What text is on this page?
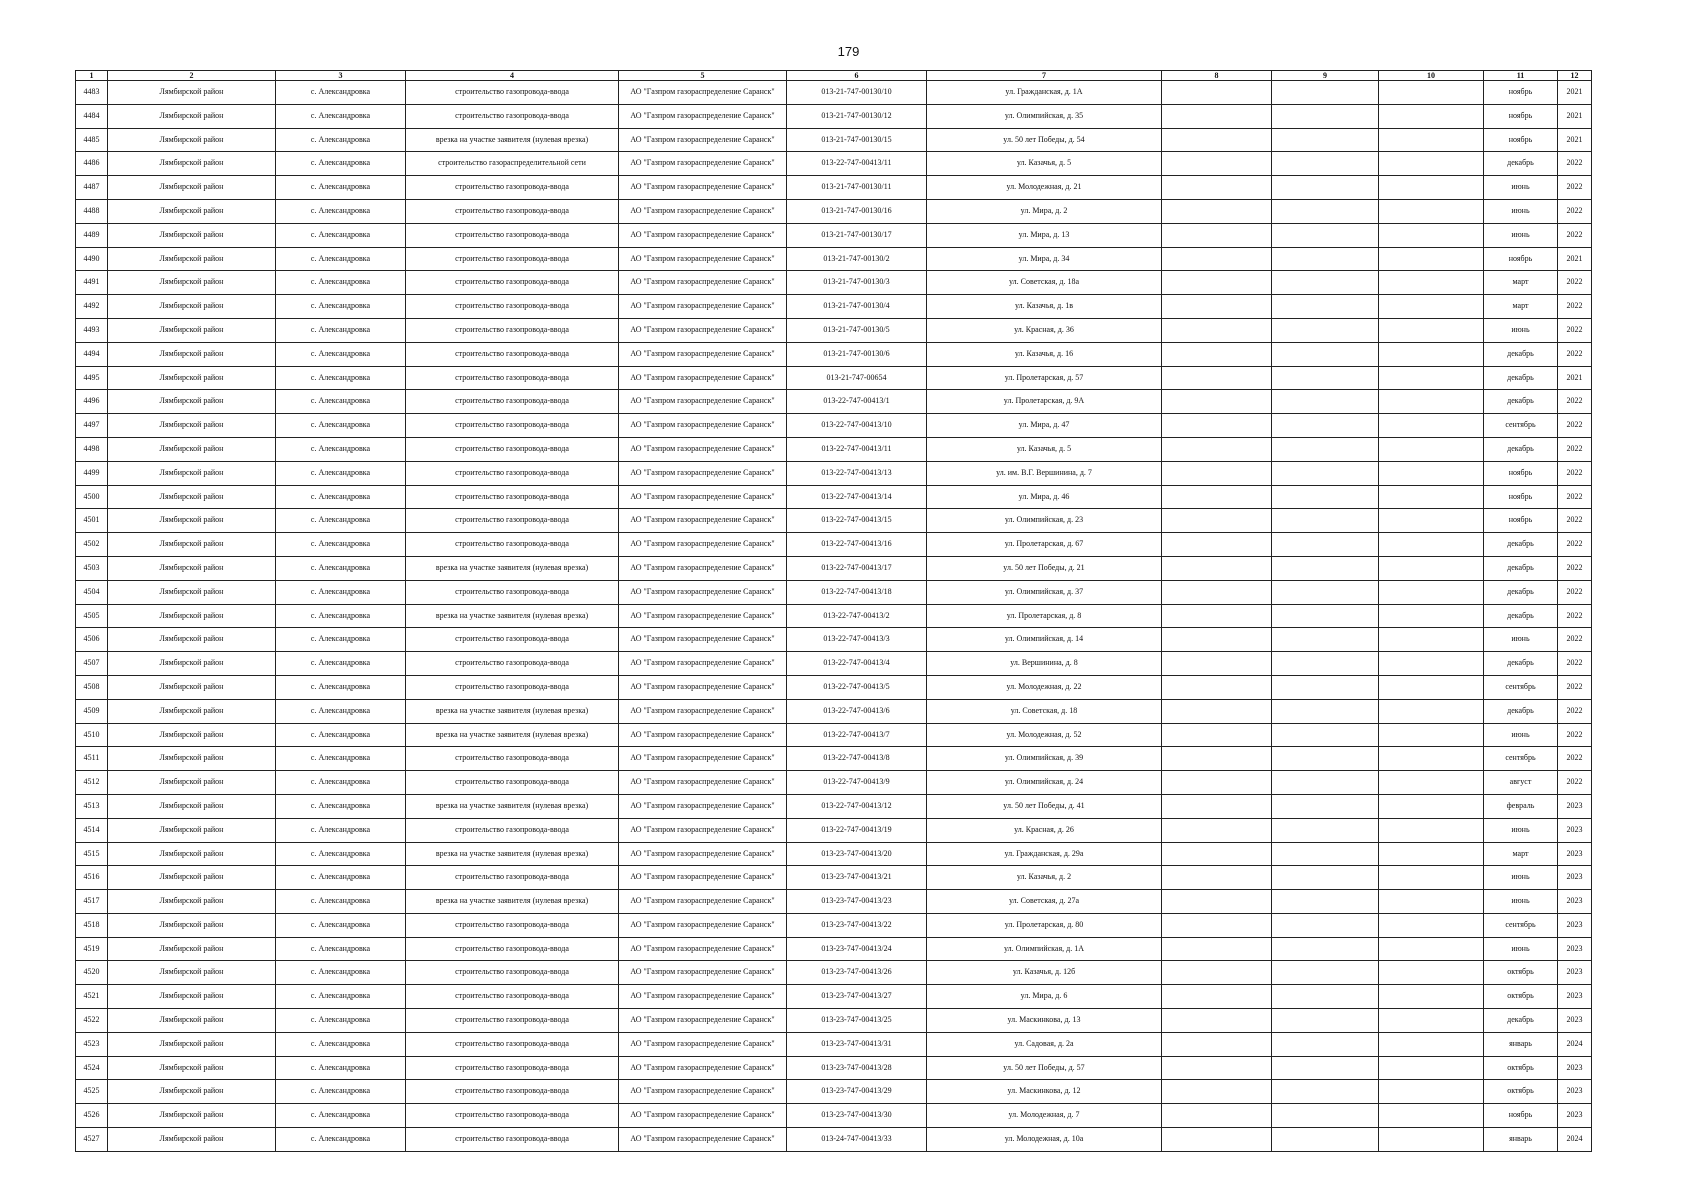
179
1	2	3	4	5	6	7	8	9	10	11	12
4483	Лямбирской район	с. Александровка	строительство газопровода-ввода	АО "Газпром газораспределение Саранск"	013-21-747-00130/10	ул. Гражданская, д. 1А				ноябрь	2021
4484	Лямбирской район	с. Александровка	строительство газопровода-ввода	АО "Газпром газораспределение Саранск"	013-21-747-00130/12	ул. Олимпийская, д. 35				ноябрь	2021
4485	Лямбирской район	с. Александровка	врезка на участке заявителя (нулевая врезка)	АО "Газпром газораспределение Саранск"	013-21-747-00130/15	ул. 50 лет Победы, д. 54				ноябрь	2021
4486	Лямбирской район	с. Александровка	строительство газораспределительной сети	АО "Газпром газораспределение Саранск"	013-22-747-00413/11	ул. Казачья, д. 5				декабрь	2022
4487	Лямбирской район	с. Александровка	строительство газопровода-ввода	АО "Газпром газораспределение Саранск"	013-21-747-00130/11	ул. Молодежная, д. 21				июнь	2022
4488	Лямбирской район	с. Александровка	строительство газопровода-ввода	АО "Газпром газораспределение Саранск"	013-21-747-00130/16	ул. Мира, д. 2				июнь	2022
4489	Лямбирской район	с. Александровка	строительство газопровода-ввода	АО "Газпром газораспределение Саранск"	013-21-747-00130/17	ул. Мира, д. 13				июнь	2022
4490	Лямбирской район	с. Александровка	строительство газопровода-ввода	АО "Газпром газораспределение Саранск"	013-21-747-00130/2	ул. Мира, д. 34				ноябрь	2021
4491	Лямбирской район	с. Александровка	строительство газопровода-ввода	АО "Газпром газораспределение Саранск"	013-21-747-00130/3	ул. Советская, д. 18а				март	2022
4492	Лямбирской район	с. Александровка	строительство газопровода-ввода	АО "Газпром газораспределение Саранск"	013-21-747-00130/4	ул. Казачья, д. 1в				март	2022
4493	Лямбирской район	с. Александровка	строительство газопровода-ввода	АО "Газпром газораспределение Саранск"	013-21-747-00130/5	ул. Красная, д. 36				июнь	2022
4494	Лямбирской район	с. Александровка	строительство газопровода-ввода	АО "Газпром газораспределение Саранск"	013-21-747-00130/6	ул. Казачья, д. 16				декабрь	2022
4495	Лямбирской район	с. Александровка	строительство газопровода-ввода	АО "Газпром газораспределение Саранск"	013-21-747-00654	ул. Пролетарская, д. 57				декабрь	2021
4496	Лямбирской район	с. Александровка	строительство газопровода-ввода	АО "Газпром газораспределение Саранск"	013-22-747-00413/1	ул. Пролетарская, д. 9А				декабрь	2022
4497	Лямбирской район	с. Александровка	строительство газопровода-ввода	АО "Газпром газораспределение Саранск"	013-22-747-00413/10	ул. Мира, д. 47				сентябрь	2022
4498	Лямбирской район	с. Александровка	строительство газопровода-ввода	АО "Газпром газораспределение Саранск"	013-22-747-00413/11	ул. Казачья, д. 5				декабрь	2022
4499	Лямбирской район	с. Александровка	строительство газопровода-ввода	АО "Газпром газораспределение Саранск"	013-22-747-00413/13	ул. им. В.Г. Вершинина, д. 7				ноябрь	2022
4500	Лямбирской район	с. Александровка	строительство газопровода-ввода	АО "Газпром газораспределение Саранск"	013-22-747-00413/14	ул. Мира, д. 46				ноябрь	2022
4501	Лямбирской район	с. Александровка	строительство газопровода-ввода	АО "Газпром газораспределение Саранск"	013-22-747-00413/15	ул. Олимпийская, д. 23				ноябрь	2022
4502	Лямбирской район	с. Александровка	строительство газопровода-ввода	АО "Газпром газораспределение Саранск"	013-22-747-00413/16	ул. Пролетарская, д. 67				декабрь	2022
4503	Лямбирской район	с. Александровка	врезка на участке заявителя (нулевая врезка)	АО "Газпром газораспределение Саранск"	013-22-747-00413/17	ул. 50 лет Победы, д. 21				декабрь	2022
4504	Лямбирской район	с. Александровка	строительство газопровода-ввода	АО "Газпром газораспределение Саранск"	013-22-747-00413/18	ул. Олимпийская, д. 37				декабрь	2022
4505	Лямбирской район	с. Александровка	врезка на участке заявителя (нулевая врезка)	АО "Газпром газораспределение Саранск"	013-22-747-00413/2	ул. Пролетарская, д. 8				декабрь	2022
4506	Лямбирской район	с. Александровка	строительство газопровода-ввода	АО "Газпром газораспределение Саранск"	013-22-747-00413/3	ул. Олимпийская, д. 14				июнь	2022
4507	Лямбирской район	с. Александровка	строительство газопровода-ввода	АО "Газпром газораспределение Саранск"	013-22-747-00413/4	ул. Вершинина, д. 8				декабрь	2022
4508	Лямбирской район	с. Александровка	строительство газопровода-ввода	АО "Газпром газораспределение Саранск"	013-22-747-00413/5	ул. Молодежная, д. 22				сентябрь	2022
4509	Лямбирской район	с. Александровка	врезка на участке заявителя (нулевая врезка)	АО "Газпром газораспределение Саранск"	013-22-747-00413/6	ул. Советская, д. 18				декабрь	2022
4510	Лямбирской район	с. Александровка	врезка на участке заявителя (нулевая врезка)	АО "Газпром газораспределение Саранск"	013-22-747-00413/7	ул. Молодежная, д. 52				июнь	2022
4511	Лямбирской район	с. Александровка	строительство газопровода-ввода	АО "Газпром газораспределение Саранск"	013-22-747-00413/8	ул. Олимпийская, д. 39				сентябрь	2022
4512	Лямбирской район	с. Александровка	строительство газопровода-ввода	АО "Газпром газораспределение Саранск"	013-22-747-00413/9	ул. Олимпийская, д. 24				август	2022
4513	Лямбирской район	с. Александровка	врезка на участке заявителя (нулевая врезка)	АО "Газпром газораспределение Саранск"	013-22-747-00413/12	ул. 50 лет Победы, д. 41				февраль	2023
4514	Лямбирской район	с. Александровка	строительство газопровода-ввода	АО "Газпром газораспределение Саранск"	013-22-747-00413/19	ул. Красная, д. 26				июнь	2023
4515	Лямбирской район	с. Александровка	врезка на участке заявителя (нулевая врезка)	АО "Газпром газораспределение Саранск"	013-23-747-00413/20	ул. Гражданская, д. 29а				март	2023
4516	Лямбирской район	с. Александровка	строительство газопровода-ввода	АО "Газпром газораспределение Саранск"	013-23-747-00413/21	ул. Казачья, д. 2				июнь	2023
4517	Лямбирской район	с. Александровка	врезка на участке заявителя (нулевая врезка)	АО "Газпром газораспределение Саранск"	013-23-747-00413/23	ул. Советская, д. 27а				июнь	2023
4518	Лямбирской район	с. Александровка	строительство газопровода-ввода	АО "Газпром газораспределение Саранск"	013-23-747-00413/22	ул. Пролетарская, д. 80				сентябрь	2023
4519	Лямбирской район	с. Александровка	строительство газопровода-ввода	АО "Газпром газораспределение Саранск"	013-23-747-00413/24	ул. Олимпийская, д. 1А				июнь	2023
4520	Лямбирской район	с. Александровка	строительство газопровода-ввода	АО "Газпром газораспределение Саранск"	013-23-747-00413/26	ул. Казачья, д. 12б				октябрь	2023
4521	Лямбирской район	с. Александровка	строительство газопровода-ввода	АО "Газпром газораспределение Саранск"	013-23-747-00413/27	ул. Мира, д. 6				октябрь	2023
4522	Лямбирской район	с. Александровка	строительство газопровода-ввода	АО "Газпром газораспределение Саранск"	013-23-747-00413/25	ул. Маскинкова, д. 13				декабрь	2023
4523	Лямбирской район	с. Александровка	строительство газопровода-ввода	АО "Газпром газораспределение Саранск"	013-23-747-00413/31	ул. Садовая, д. 2а				январь	2024
4524	Лямбирской район	с. Александровка	строительство газопровода-ввода	АО "Газпром газораспределение Саранск"	013-23-747-00413/28	ул. 50 лет Победы, д. 57				октябрь	2023
4525	Лямбирской район	с. Александровка	строительство газопровода-ввода	АО "Газпром газораспределение Саранск"	013-23-747-00413/29	ул. Маскинкова, д. 12				октябрь	2023
4526	Лямбирской район	с. Александровка	строительство газопровода-ввода	АО "Газпром газораспределение Саранск"	013-23-747-00413/30	ул. Молодежная, д. 7				ноябрь	2023
4527	Лямбирской район	с. Александровка	строительство газопровода-ввода	АО "Газпром газораспределение Саранск"	013-24-747-00413/33	ул. Молодежная, д. 10а				январь	2024
